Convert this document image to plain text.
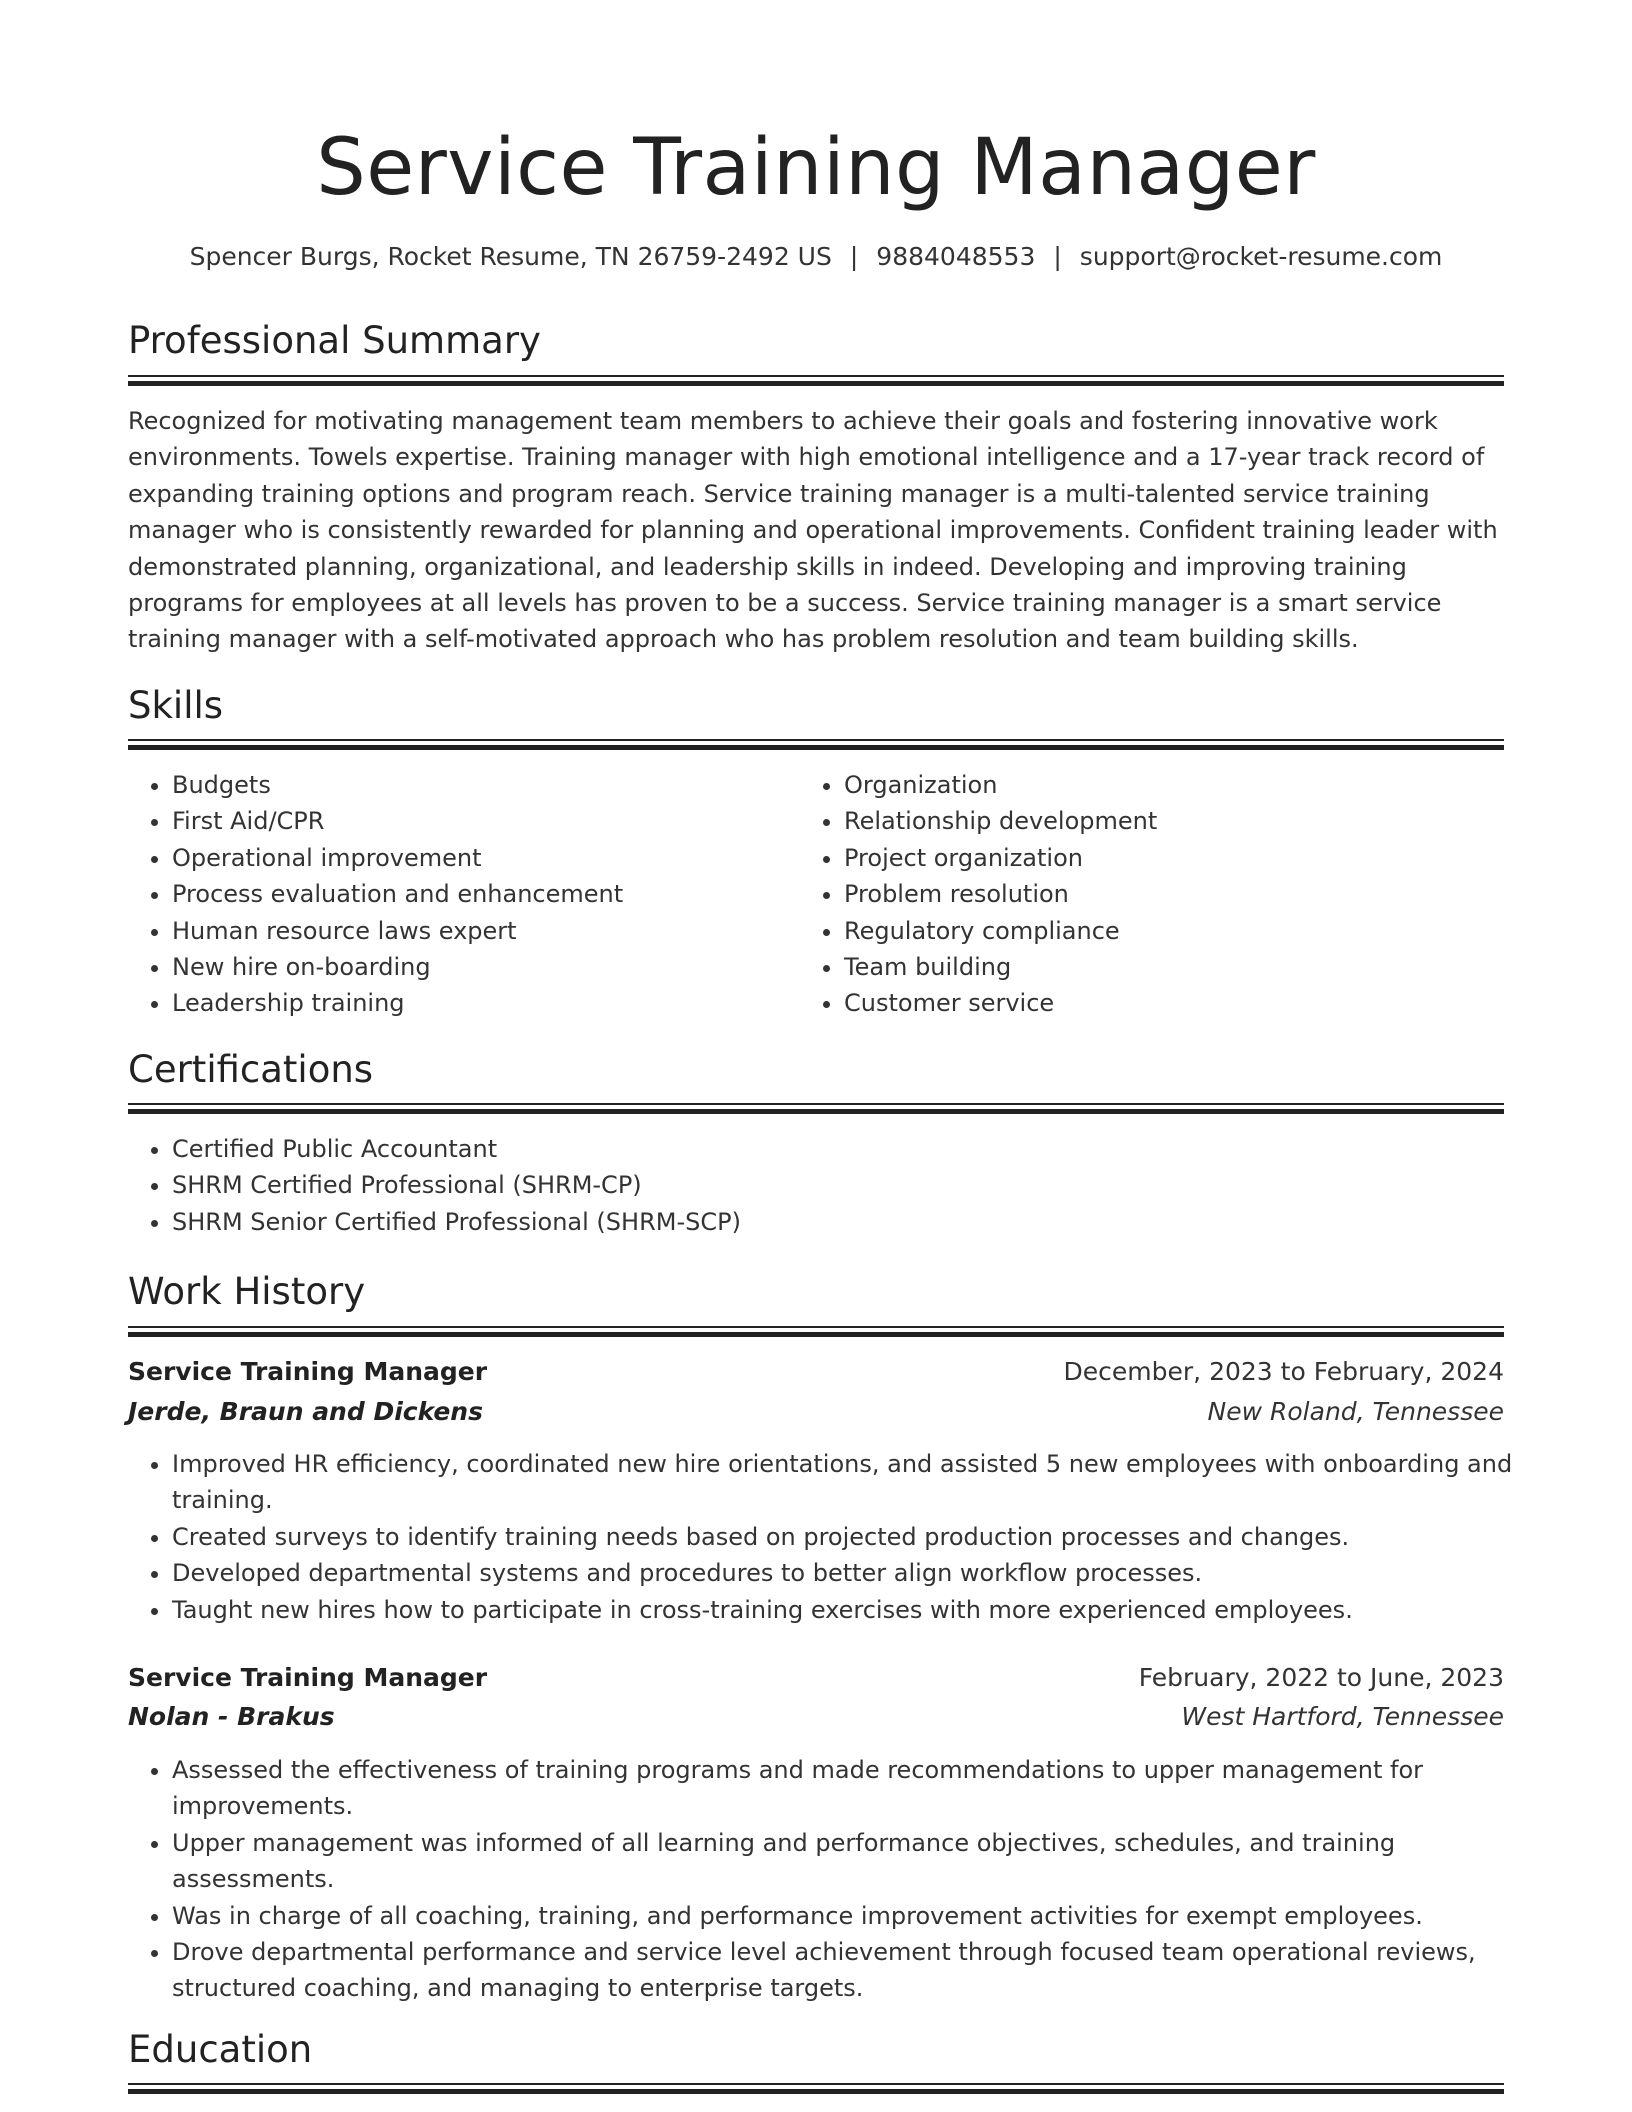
Service Training Manager
Spencer Burgs, Rocket Resume, TN 26759-2492 US | 9884048553 | support@rocket-resume.com
Professional Summary

Recognized for motivating management team members to achieve their goals and fostering innovative work environments. Towels expertise. Training manager with high emotional intelligence and a 17-year track record of expanding training options and program reach. Service training manager is a multi-talented service training manager who is consistently rewarded for planning and operational improvements. Confident training leader with demonstrated planning, organizational, and leadership skills in indeed. Developing and improving training programs for employees at all levels has proven to be a success. Service training manager is a smart service training manager with a self-motivated approach who has problem resolution and team building skills.

Skills
• Budgets
• First Aid/CPR
• Operational improvement
• Process evaluation and enhancement
• Human resource laws expert
• New hire on-boarding
• Leadership training
• Organization
• Relationship development
• Project organization
• Problem resolution
• Regulatory compliance
• Team building
• Customer service
Certifications
• Certified Public Accountant
• SHRM Certified Professional (SHRM-CP)
• SHRM Senior Certified Professional (SHRM-SCP)
Work History
Service Training Manager	December, 2023 to February, 2024
Jerde, Braun and Dickens	New Roland, Tennessee
• Improved HR efficiency, coordinated new hire orientations, and assisted 5 new employees with onboarding and training.
• Created surveys to identify training needs based on projected production processes and changes.
• Developed departmental systems and procedures to better align workflow processes.
• Taught new hires how to participate in cross-training exercises with more experienced employees.
Service Training Manager	February, 2022 to June, 2023
Nolan - Brakus	West Hartford, Tennessee
• Assessed the effectiveness of training programs and made recommendations to upper management for improvements.
• Upper management was informed of all learning and performance objectives, schedules, and training assessments.
• Was in charge of all coaching, training, and performance improvement activities for exempt employees.
• Drove departmental performance and service level achievement through focused team operational reviews, structured coaching, and managing to enterprise targets.
Education
